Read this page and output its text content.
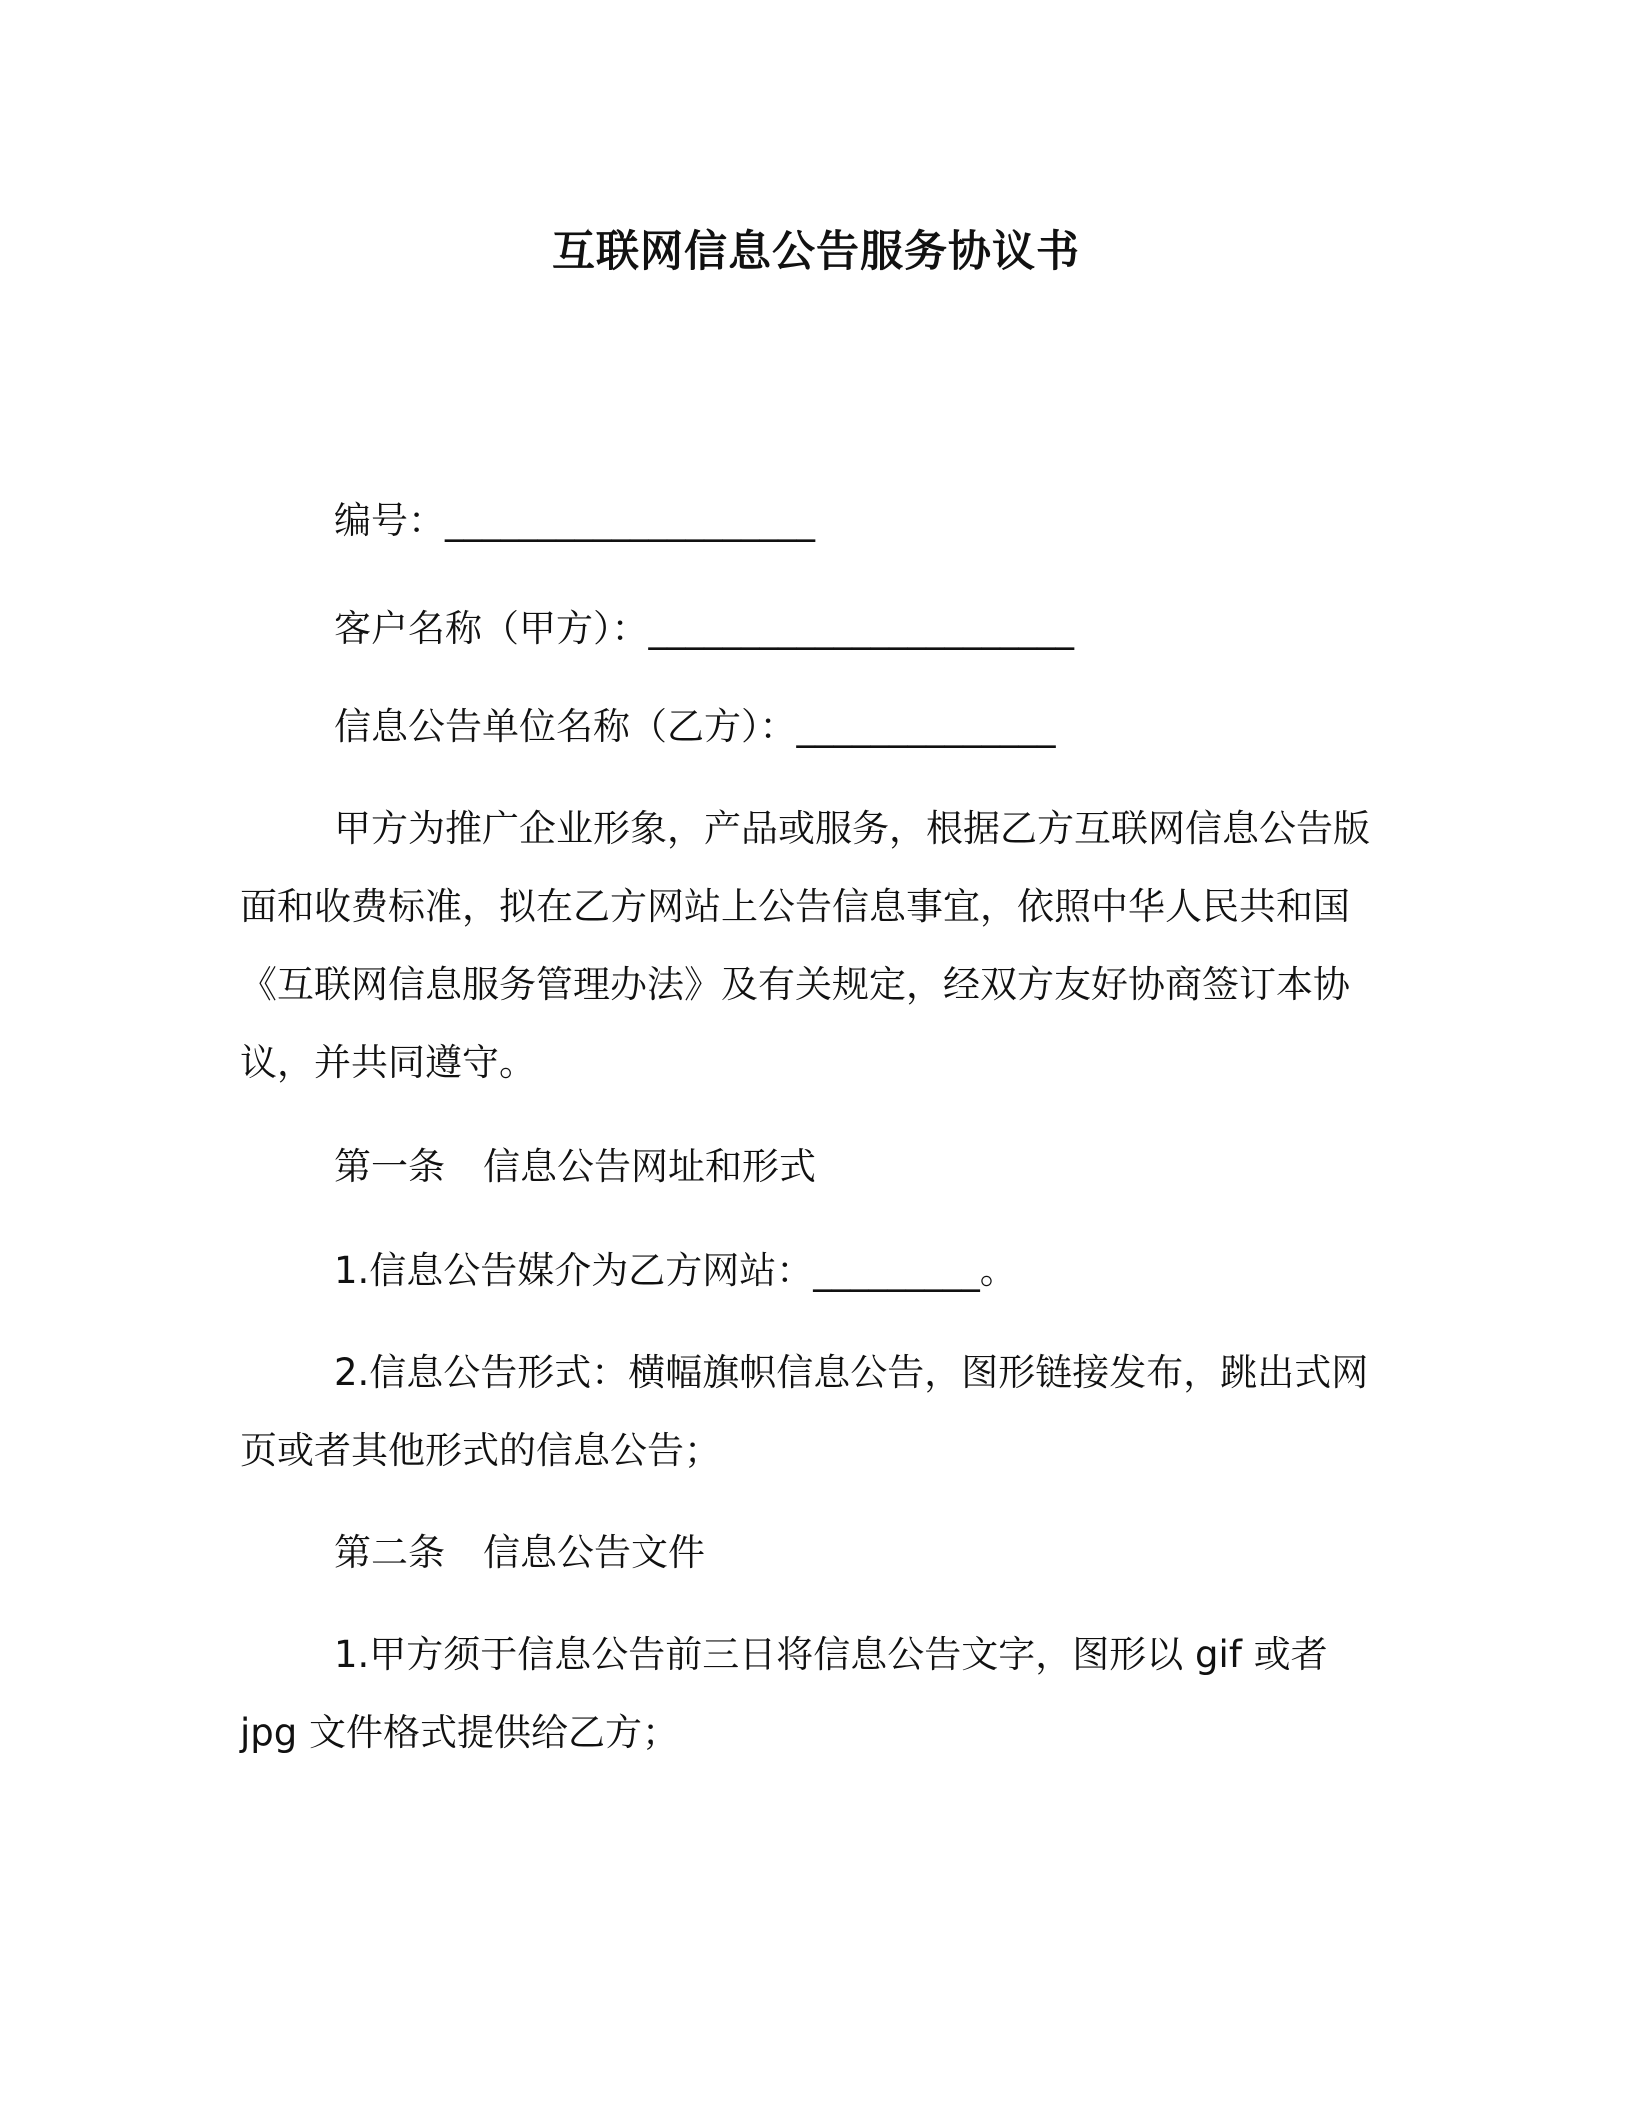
互联网信息公告服务协议书
编号：____________________
客户名称（甲方）：_______________________
信息公告单位名称（乙方）：______________
甲方为推广企业形象，产品或服务，根据乙方互联网信息公告版
面和收费标准，拟在乙方网站上公告信息事宜，依照中华人民共和国
《互联网信息服务管理办法》及有关规定，经双方友好协商签订本协
议，并共同遵守。
第一条 信息公告网址和形式
1.信息公告媒介为乙方网站：_________。
2.信息公告形式：横幅旗帜信息公告，图形链接发布，跳出式网
页或者其他形式的信息公告；
第二条 信息公告文件
1.甲方须于信息公告前三日将信息公告文字，图形以 gif 或者
jpg 文件格式提供给乙方；
